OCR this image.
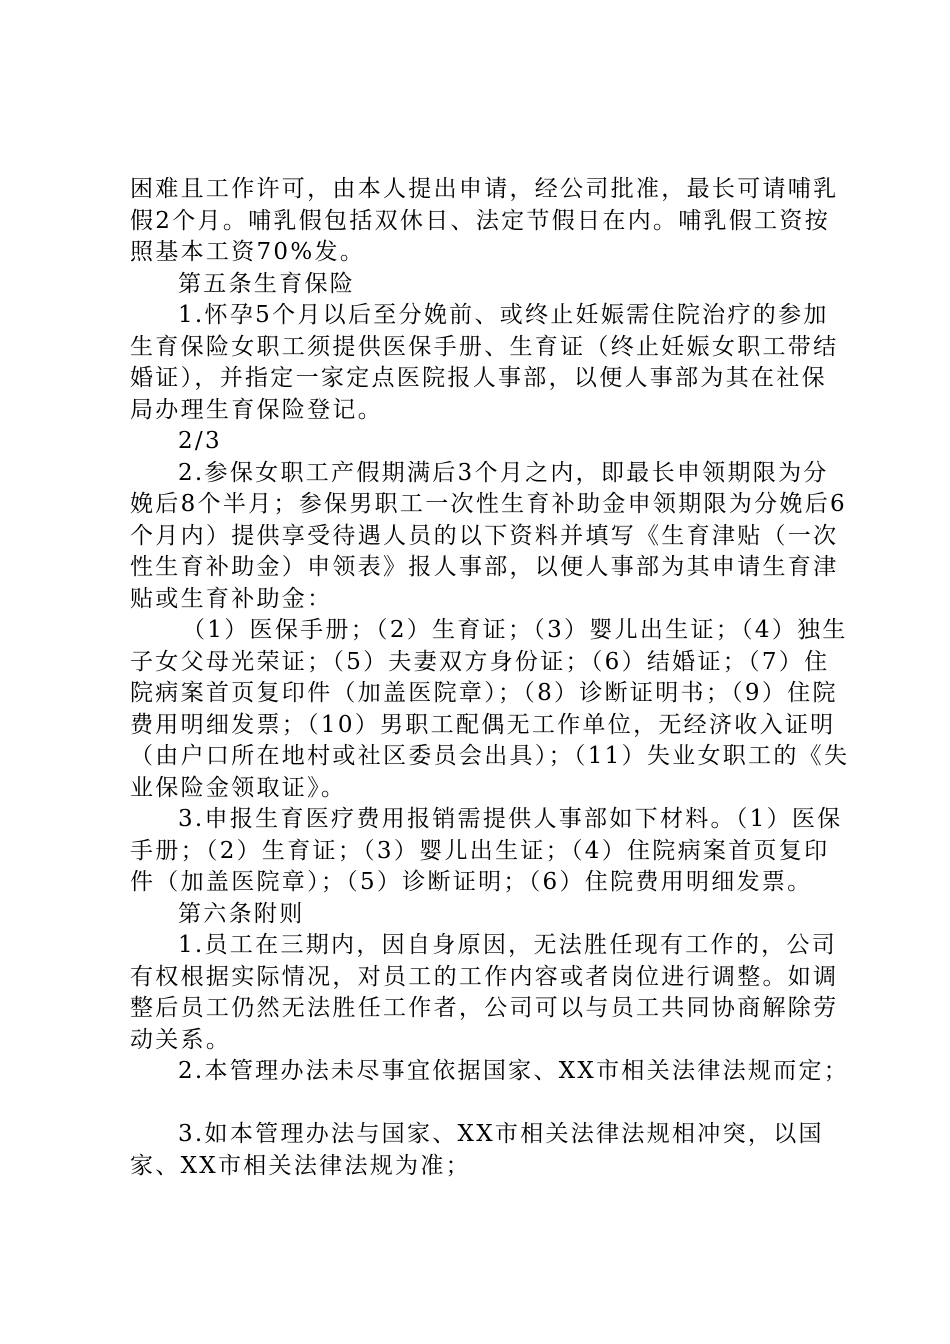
困难且工作许可，由本人提出申请，经公司批准，最长可请哺乳假2个月。哺乳假包括双休日、法定节假日在内。哺乳假工资按照基本工资70%发。

第五条生育保险

1.怀孕5个月以后至分娩前、或终止妊娠需住院治疗的参加生育保险女职工须提供医保手册、生育证（终止妊娠女职工带结婚证），并指定一家定点医院报人事部，以便人事部为其在社保局办理生育保险登记。

2/3

2.参保女职工产假期满后3个月之内，即最长申领期限为分娩后8个半月；参保男职工一次性生育补助金申领期限为分娩后6个月内）提供享受待遇人员的以下资料并填写《生育津贴（一次性生育补助金）申领表》报人事部，以便人事部为其申请生育津贴或生育补助金：

（1）医保手册；（2）生育证；（3）婴儿出生证；（4）独生子女父母光荣证；（5）夫妻双方身份证；（6）结婚证；（7）住院病案首页复印件（加盖医院章）；（8）诊断证明书；（9）住院费用明细发票；（10）男职工配偶无工作单位，无经济收入证明（由户口所在地村或社区委员会出具）；（11）失业女职工的《失业保险金领取证》。

3.申报生育医疗费用报销需提供人事部如下材料。（1）医保手册；（2）生育证；（3）婴儿出生证；（4）住院病案首页复印件（加盖医院章）；（5）诊断证明；（6）住院费用明细发票。

第六条附则

1.员工在三期内，因自身原因，无法胜任现有工作的，公司有权根据实际情况，对员工的工作内容或者岗位进行调整。如调整后员工仍然无法胜任工作者，公司可以与员工共同协商解除劳动关系。

2.本管理办法未尽事宜依据国家、XX市相关法律法规而定；

3.如本管理办法与国家、XX市相关法律法规相冲突，以国家、XX市相关法律法规为准；
